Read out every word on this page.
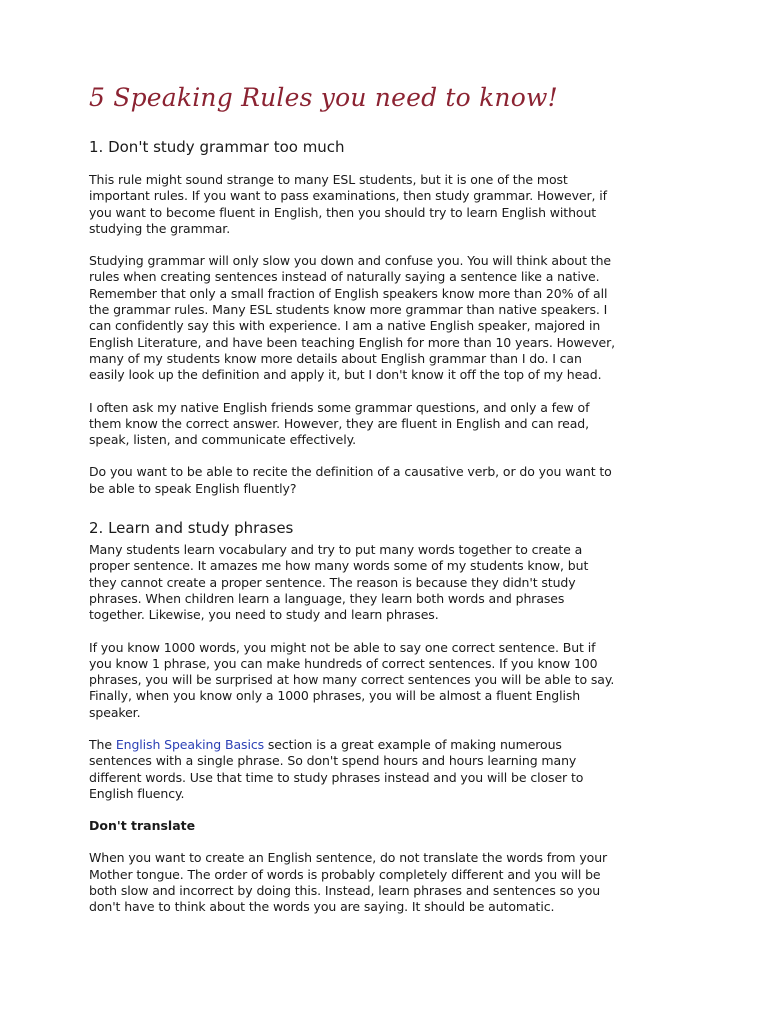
5 Speaking Rules you need to know!
1. Don't study grammar too much

This rule might sound strange to many ESL students, but it is one of the most
important rules. If you want to pass examinations, then study grammar. However, if
you want to become fluent in English, then you should try to learn English without
studying the grammar.

Studying grammar will only slow you down and confuse you. You will think about the
rules when creating sentences instead of naturally saying a sentence like a native.
Remember that only a small fraction of English speakers know more than 20% of all
the grammar rules. Many ESL students know more grammar than native speakers. I
can confidently say this with experience. I am a native English speaker, majored in
English Literature, and have been teaching English for more than 10 years. However,
many of my students know more details about English grammar than I do. I can
easily look up the definition and apply it, but I don't know it off the top of my head.

I often ask my native English friends some grammar questions, and only a few of
them know the correct answer. However, they are fluent in English and can read,
speak, listen, and communicate effectively.

Do you want to be able to recite the definition of a causative verb, or do you want to
be able to speak English fluently?

2. Learn and study phrases

Many students learn vocabulary and try to put many words together to create a
proper sentence. It amazes me how many words some of my students know, but
they cannot create a proper sentence. The reason is because they didn't study
phrases. When children learn a language, they learn both words and phrases
together. Likewise, you need to study and learn phrases.

If you know 1000 words, you might not be able to say one correct sentence. But if
you know 1 phrase, you can make hundreds of correct sentences. If you know 100
phrases, you will be surprised at how many correct sentences you will be able to say.
Finally, when you know only a 1000 phrases, you will be almost a fluent English
speaker.

The English Speaking Basics section is a great example of making numerous
sentences with a single phrase. So don't spend hours and hours learning many
different words. Use that time to study phrases instead and you will be closer to
English fluency.

Don't translate

When you want to create an English sentence, do not translate the words from your
Mother tongue. The order of words is probably completely different and you will be
both slow and incorrect by doing this. Instead, learn phrases and sentences so you
don't have to think about the words you are saying. It should be automatic.
